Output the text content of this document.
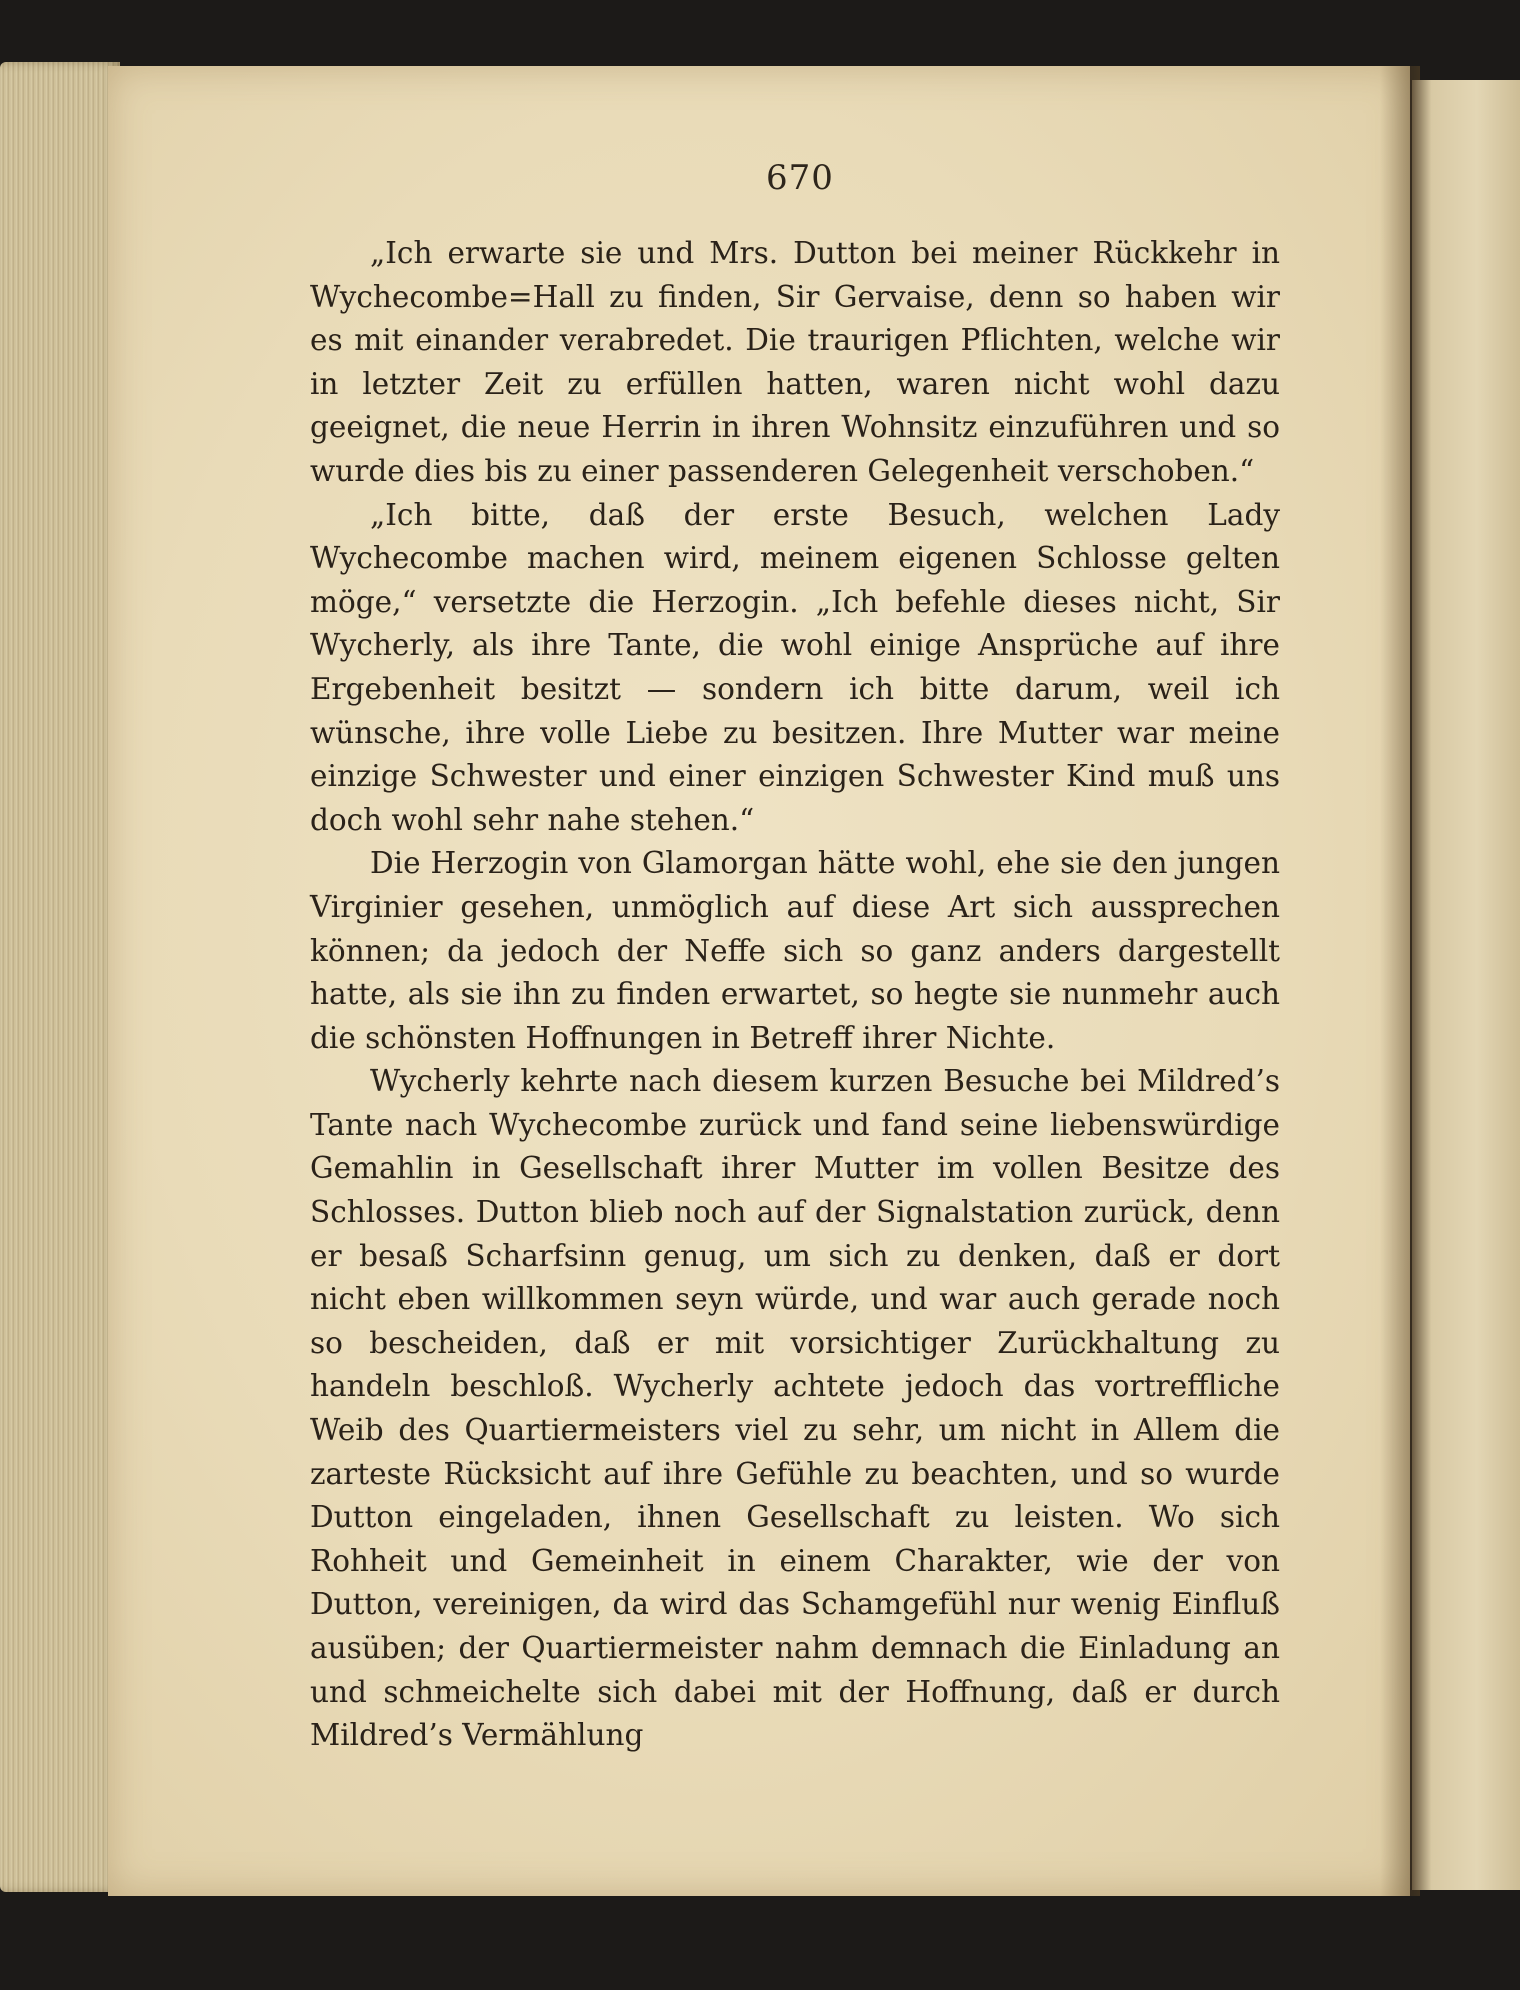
670

„Ich erwarte sie und Mrs. Dutton bei meiner Rückkehr in Wychecombe=Hall zu finden, Sir Gervaise, denn so haben wir es mit einander verabredet. Die traurigen Pflichten, welche wir in letzter Zeit zu erfüllen hatten, waren nicht wohl dazu geeignet, die neue Herrin in ihren Wohnsitz einzuführen und so wurde dies bis zu einer passenderen Gelegenheit verschoben.“

„Ich bitte, daß der erste Besuch, welchen Lady Wychecombe machen wird, meinem eigenen Schlosse gelten möge,“ versetzte die Herzogin. „Ich befehle dieses nicht, Sir Wycherly, als ihre Tante, die wohl einige Ansprüche auf ihre Ergebenheit besitzt — sondern ich bitte darum, weil ich wünsche, ihre volle Liebe zu besitzen. Ihre Mutter war meine einzige Schwester und einer einzigen Schwester Kind muß uns doch wohl sehr nahe stehen.“

Die Herzogin von Glamorgan hätte wohl, ehe sie den jungen Virginier gesehen, unmöglich auf diese Art sich aussprechen können; da jedoch der Neffe sich so ganz anders dargestellt hatte, als sie ihn zu finden erwartet, so hegte sie nunmehr auch die schönsten Hoffnungen in Betreff ihrer Nichte.

Wycherly kehrte nach diesem kurzen Besuche bei Mildred’s Tante nach Wychecombe zurück und fand seine liebenswürdige Gemahlin in Gesellschaft ihrer Mutter im vollen Besitze des Schlosses. Dutton blieb noch auf der Signalstation zurück, denn er besaß Scharfsinn genug, um sich zu denken, daß er dort nicht eben willkommen seyn würde, und war auch gerade noch so bescheiden, daß er mit vorsichtiger Zurückhaltung zu handeln beschloß. Wycherly achtete jedoch das vortreffliche Weib des Quartiermeisters viel zu sehr, um nicht in Allem die zarteste Rücksicht auf ihre Gefühle zu beachten, und so wurde Dutton eingeladen, ihnen Gesellschaft zu leisten. Wo sich Rohheit und Gemeinheit in einem Charakter, wie der von Dutton, vereinigen, da wird das Schamgefühl nur wenig Einfluß ausüben; der Quartiermeister nahm demnach die Einladung an und schmeichelte sich dabei mit der Hoffnung, daß er durch Mildred’s Vermählung
